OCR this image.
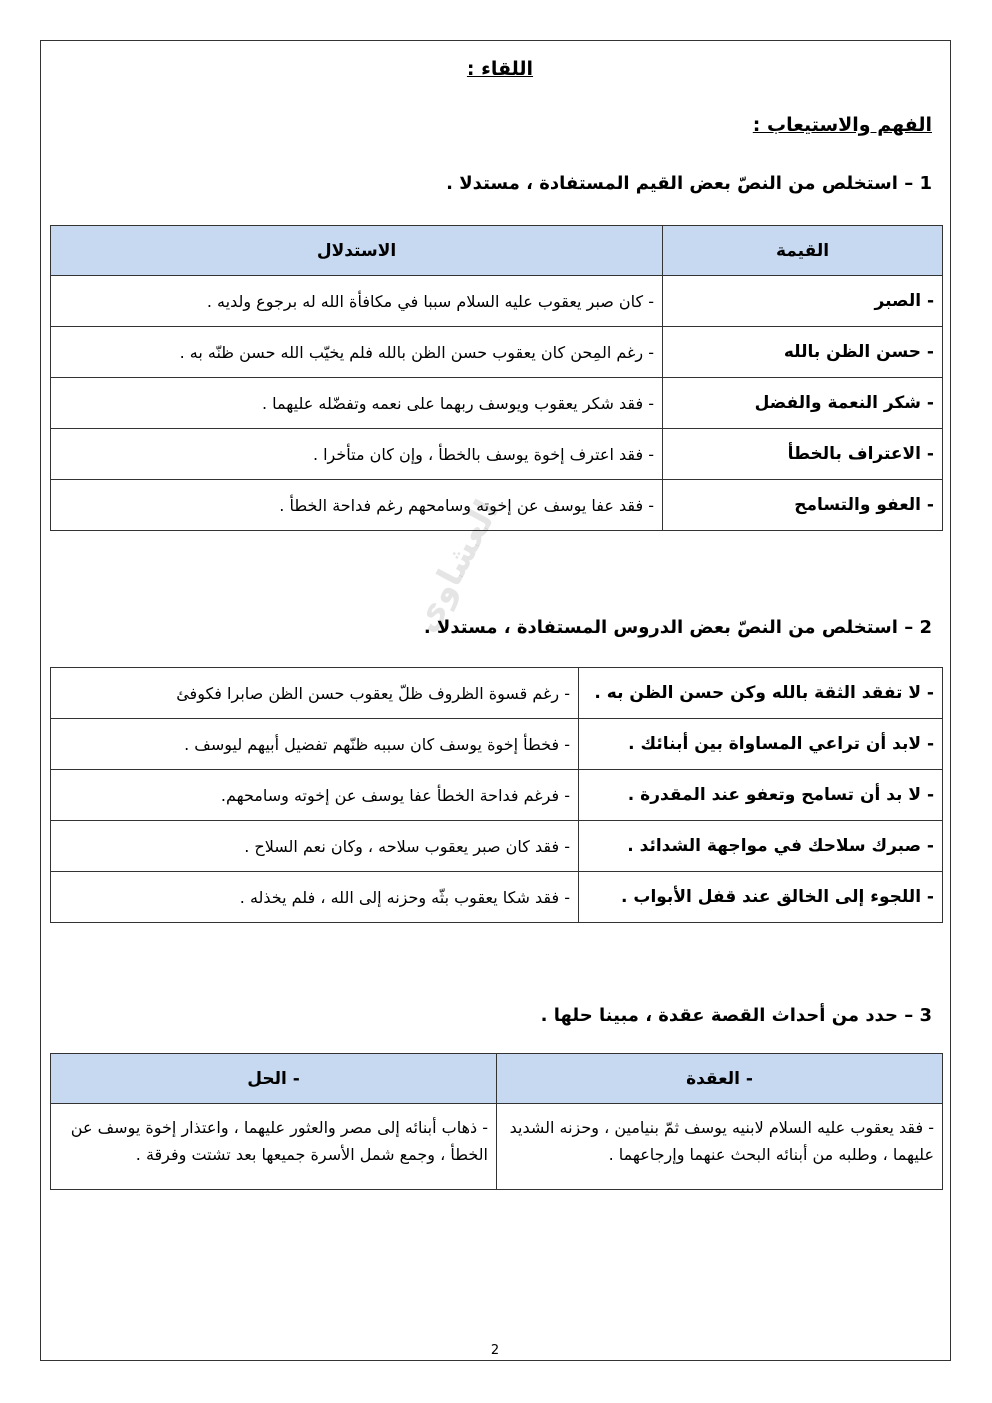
اللقاء :
الفهم والاستيعاب :
1 – استخلص من النصّ بعض القيم المستفادة ، مستدلا .
القيمة	الاستدلال
- الصبر	- كان صبر يعقوب عليه السلام سببا في مكافأة الله له برجوع ولديه .
- حسن الظن بالله	- رغم المِحن كان يعقوب حسن الظن بالله فلم يخيّب الله حسن ظنّه به .
- شكر النعمة والفضل	- فقد شكر يعقوب ويوسف ربهما على نعمه وتفضّله عليهما .
- الاعتراف بالخطأ	- فقد اعترف إخوة يوسف بالخطأ ، وإن كان متأخرا .
- العفو والتسامح	- فقد عفا يوسف عن إخوته وسامحهم رغم فداحة الخطأ .
2 – استخلص من النصّ بعض الدروس المستفادة ، مستدلا .
- لا تفقد الثقة بالله وكن حسن الظن به .	- رغم قسوة الظروف ظلّ يعقوب حسن الظن صابرا فكوفئ
- لابد أن تراعي المساواة بين أبنائك .	- فخطأ إخوة يوسف كان سببه ظنّهم تفضيل أبيهم ليوسف .
- لا بد أن تسامح وتعفو عند المقدرة .	- فرغم فداحة الخطأ عفا يوسف عن إخوته وسامحهم.
- صبرك سلاحك في مواجهة الشدائد .	- فقد كان صبر يعقوب سلاحه ، وكان نعم السلاح .
- اللجوء إلى الخالق عند قفل الأبواب .	- فقد شكا يعقوب بثّه وحزنه إلى الله ، فلم يخذله .
العشاوي
3 – حدد من أحداث القصة عقدة ، مبينا حلها .
- العقدة	- الحل
- فقد يعقوب عليه السلام لابنيه يوسف ثمّ بنيامين ، وحزنه الشديد عليهما ، وطلبه من أبنائه البحث عنهما وإرجاعهما .	- ذهاب أبنائه إلى مصر والعثور عليهما ، واعتذار إخوة يوسف عن الخطأ ، وجمع شمل الأسرة جميعها بعد تشتت وفرقة .
2
